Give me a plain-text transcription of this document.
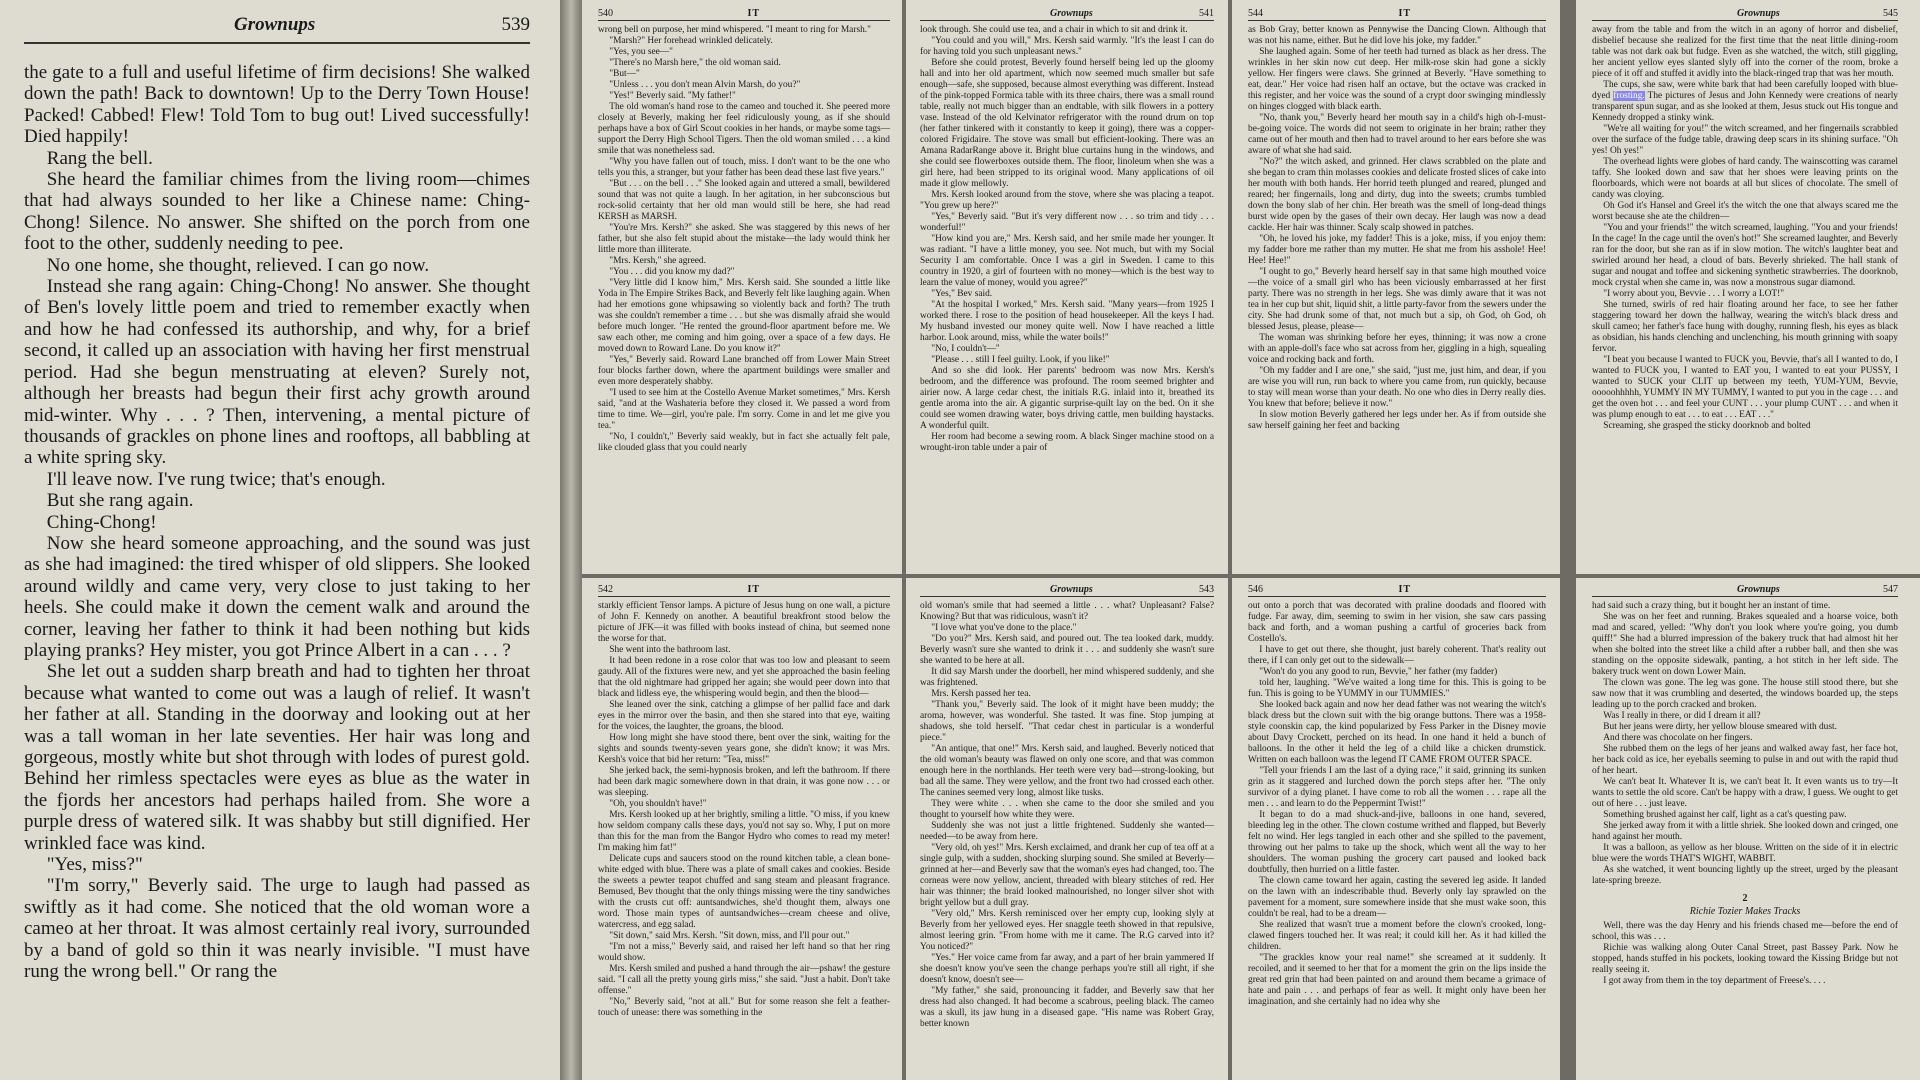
Grownups	539

the gate to a full and useful lifetime of firm decisions! She walked down the path! Back to downtown! Up to the Derry Town House! Packed! Cabbed! Flew! Told Tom to bug out! Lived successfully! Died happily!

Rang the bell.

She heard the familiar chimes from the living room—chimes that had always sounded to her like a Chinese name: Ching-Chong! Silence. No answer. She shifted on the porch from one foot to the other, suddenly needing to pee.

No one home, she thought, relieved. I can go now.

Instead she rang again: Ching-Chong! No answer. She thought of Ben's lovely little poem and tried to remember exactly when and how he had confessed its authorship, and why, for a brief second, it called up an association with having her first menstrual period. Had she begun menstruating at eleven? Surely not, although her breasts had begun their first achy growth around mid-winter. Why . . . ? Then, intervening, a mental picture of thousands of grackles on phone lines and rooftops, all babbling at a white spring sky.

I'll leave now. I've rung twice; that's enough.

But she rang again.

Ching-Chong!

Now she heard someone approaching, and the sound was just as she had imagined: the tired whisper of old slippers. She looked around wildly and came very, very close to just taking to her heels. She could make it down the cement walk and around the corner, leaving her father to think it had been nothing but kids playing pranks? Hey mister, you got Prince Albert in a can . . . ?

She let out a sudden sharp breath and had to tighten her throat because what wanted to come out was a laugh of relief. It wasn't her father at all. Standing in the doorway and looking out at her was a tall woman in her late seventies. Her hair was long and gorgeous, mostly white but shot through with lodes of purest gold. Behind her rimless spectacles were eyes as blue as the water in the fjords her ancestors had perhaps hailed from. She wore a purple dress of watered silk. It was shabby but still dignified. Her wrinkled face was kind.

"Yes, miss?"

"I'm sorry," Beverly said. The urge to laugh had passed as swiftly as it had come. She noticed that the old woman wore a cameo at her throat. It was almost certainly real ivory, surrounded by a band of gold so thin it was nearly invisible. "I must have rung the wrong bell." Or rang the

540	IT

wrong bell on purpose, her mind whispered. "I meant to ring for Marsh."

"Marsh?" Her forehead wrinkled delicately.

"Yes, you see—"

"There's no Marsh here," the old woman said.

"But—"

"Unless . . . you don't mean Alvin Marsh, do you?"

"Yes!" Beverly said. "My father!"

The old woman's hand rose to the cameo and touched it. She peered more closely at Beverly, making her feel ridiculously young, as if she should perhaps have a box of Girl Scout cookies in her hands, or maybe some tags—support the Derry High School Tigers. Then the old woman smiled . . . a kind smile that was nonetheless sad.

"Why you have fallen out of touch, miss. I don't want to be the one who tells you this, a stranger, but your father has been dead these last five years."

"But . . . on the bell . . ." She looked again and uttered a small, bewildered sound that was not quite a laugh. In her agitation, in her subconscious but rock-solid certainty that her old man would still be here, she had read KERSH as MARSH.

"You're Mrs. Kersh?" she asked. She was staggered by this news of her father, but she also felt stupid about the mistake—the lady would think her little more than illiterate.

"Mrs. Kersh," she agreed.

"You . . . did you know my dad?"

"Very little did I know him," Mrs. Kersh said. She sounded a little like Yoda in The Empire Strikes Back, and Beverly felt like laughing again. When had her emotions gone whipsawing so violently back and forth? The truth was she couldn't remember a time . . . but she was dismally afraid she would before much longer. "He rented the ground-floor apartment before me. We saw each other, me coming and him going, over a space of a few days. He moved down to Roward Lane. Do you know it?"

"Yes," Beverly said. Roward Lane branched off from Lower Main Street four blocks farther down, where the apartment buildings were smaller and even more desperately shabby.

"I used to see him at the Costello Avenue Market sometimes," Mrs. Kersh said, "and at the Washateria before they closed it. We passed a word from time to time. We—girl, you're pale. I'm sorry. Come in and let me give you tea."

"No, I couldn't," Beverly said weakly, but in fact she actually felt pale, like clouded glass that you could nearly

Grownups	541

look through. She could use tea, and a chair in which to sit and drink it.

"You could and you will," Mrs. Kersh said warmly. "It's the least I can do for having told you such unpleasant news."

Before she could protest, Beverly found herself being led up the gloomy hall and into her old apartment, which now seemed much smaller but safe enough—safe, she supposed, because almost everything was different. Instead of the pink-topped Formica table with its three chairs, there was a small round table, really not much bigger than an endtable, with silk flowers in a pottery vase. Instead of the old Kelvinator refrigerator with the round drum on top (her father tinkered with it constantly to keep it going), there was a copper-colored Frigidaire. The stove was small but efficient-looking. There was an Amana RadarRange above it. Bright blue curtains hung in the windows, and she could see flowerboxes outside them. The floor, linoleum when she was a girl here, had been stripped to its original wood. Many applications of oil made it glow mellowly.

Mrs. Kersh looked around from the stove, where she was placing a teapot. "You grew up here?"

"Yes," Beverly said. "But it's very different now . . . so trim and tidy . . . wonderful!"

"How kind you are," Mrs. Kersh said, and her smile made her younger. It was radiant. "I have a little money, you see. Not much, but with my Social Security I am comfortable. Once I was a girl in Sweden. I came to this country in 1920, a girl of fourteen with no money—which is the best way to learn the value of money, would you agree?"

"Yes," Bev said.

"At the hospital I worked," Mrs. Kersh said. "Many years—from 1925 I worked there. I rose to the position of head housekeeper. All the keys I had. My husband invested our money quite well. Now I have reached a little harbor. Look around, miss, while the water boils!"

"No, I couldn't—"

"Please . . . still I feel guilty. Look, if you like!"

And so she did look. Her parents' bedroom was now Mrs. Kersh's bedroom, and the difference was profound. The room seemed brighter and airier now. A large cedar chest, the initials R.G. inlaid into it, breathed its gentle aroma into the air. A gigantic surprise-quilt lay on the bed. On it she could see women drawing water, boys driving cattle, men building haystacks. A wonderful quilt.

Her room had become a sewing room. A black Singer machine stood on a wrought-iron table under a pair of

544	IT

as Bob Gray, better known as Pennywise the Dancing Clown. Although that was not his name, either. But he did love his joke, my fadder."

She laughed again. Some of her teeth had turned as black as her dress. The wrinkles in her skin now cut deep. Her milk-rose skin had gone a sickly yellow. Her fingers were claws. She grinned at Beverly. "Have something to eat, dear." Her voice had risen half an octave, but the octave was cracked in this register, and her voice was the sound of a crypt door swinging mindlessly on hinges clogged with black earth.

"No, thank you," Beverly heard her mouth say in a child's high oh-I-must-be-going voice. The words did not seem to originate in her brain; rather they came out of her mouth and then had to travel around to her ears before she was aware of what she had said.

"No?" the witch asked, and grinned. Her claws scrabbled on the plate and she began to cram thin molasses cookies and delicate frosted slices of cake into her mouth with both hands. Her horrid teeth plunged and reared, plunged and reared; her fingernails, long and dirty, dug into the sweets; crumbs tumbled down the bony slab of her chin. Her breath was the smell of long-dead things burst wide open by the gases of their own decay. Her laugh was now a dead cackle. Her hair was thinner. Scaly scalp showed in patches.

"Oh, he loved his joke, my fadder! This is a joke, miss, if you enjoy them: my fadder bore me rather than my mutter. He shat me from his asshole! Hee! Hee! Hee!"

"I ought to go," Beverly heard herself say in that same high mouthed voice—the voice of a small girl who has been viciously embarrassed at her first party. There was no strength in her legs. She was dimly aware that it was not tea in her cup but shit, liquid shit, a little party-favor from the sewers under the city. She had drunk some of that, not much but a sip, oh God, oh God, oh blessed Jesus, please, please—

The woman was shrinking before her eyes, thinning; it was now a crone with an apple-doll's face who sat across from her, giggling in a high, squealing voice and rocking back and forth.

"Oh my fadder and I are one," she said, "just me, just him, and dear, if you are wise you will run, run back to where you came from, run quickly, because to stay will mean worse than your death. No one who dies in Derry really dies. You knew that before; believe it now."

In slow motion Beverly gathered her legs under her. As if from outside she saw herself gaining her feet and backing

Grownups	545

away from the table and from the witch in an agony of horror and disbelief, disbelief because she realized for the first time that the neat little dining-room table was not dark oak but fudge. Even as she watched, the witch, still giggling, her ancient yellow eyes slanted slyly off into the corner of the room, broke a piece of it off and stuffed it avidly into the black-ringed trap that was her mouth.

The cups, she saw, were white bark that had been carefully looped with blue-dyed frosting. The pictures of Jesus and John Kennedy were creations of nearly transparent spun sugar, and as she looked at them, Jesus stuck out His tongue and Kennedy dropped a stinky wink.

"We're all waiting for you!" the witch screamed, and her fingernails scrabbled over the surface of the fudge table, drawing deep scars in its shining surface. "Oh yes! Oh yes!"

The overhead lights were globes of hard candy. The wainscotting was caramel taffy. She looked down and saw that her shoes were leaving prints on the floorboards, which were not boards at all but slices of chocolate. The smell of candy was cloying.

Oh God it's Hansel and Greel it's the witch the one that always scared me the worst because she ate the children—

"You and your friends!" the witch screamed, laughing. "You and your friends! In the cage! In the cage until the oven's hot!" She screamed laughter, and Beverly ran for the door, but she ran as if in slow motion. The witch's laughter beat and swirled around her head, a cloud of bats. Beverly shrieked. The hall stank of sugar and nougat and toffee and sickening synthetic strawberries. The doorknob, mock crystal when she came in, was now a monstrous sugar diamond.

"I worry about you, Bevvie . . . I worry a LOT!"

She turned, swirls of red hair floating around her face, to see her father staggering toward her down the hallway, wearing the witch's black dress and skull cameo; her father's face hung with doughy, running flesh, his eyes as black as obsidian, his hands clenching and unclenching, his mouth grinning with soapy fervor.

"I beat you because I wanted to FUCK you, Bevvie, that's all I wanted to do, I wanted to FUCK you, I wanted to EAT you, I wanted to eat your PUSSY, I wanted to SUCK your CLIT up between my teeth, YUM-YUM, Bevvie, ooooohhhhh, YUMMY IN MY TUMMY, I wanted to put you in the cage . . . and get the oven hot . . . and feel your CUNT . . . your plump CUNT . . . and when it was plump enough to eat . . . to eat . . . EAT . . ."

Screaming, she grasped the sticky doorknob and bolted

542	IT

starkly efficient Tensor lamps. A picture of Jesus hung on one wall, a picture of John F. Kennedy on another. A beautiful breakfront stood below the picture of JFK—it was filled with books instead of china, but seemed none the worse for that.

She went into the bathroom last.

It had been redone in a rose color that was too low and pleasant to seem gaudy. All of the fixtures were new, and yet she approached the basin feeling that the old nightmare had gripped her again; she would peer down into that black and lidless eye, the whispering would begin, and then the blood—

She leaned over the sink, catching a glimpse of her pallid face and dark eyes in the mirror over the basin, and then she stared into that eye, waiting for the voices, the laughter, the groans, the blood.

How long might she have stood there, bent over the sink, waiting for the sights and sounds twenty-seven years gone, she didn't know; it was Mrs. Kersh's voice that bid her return: "Tea, miss!"

She jerked back, the semi-hypnosis broken, and left the bathroom. If there had been dark magic somewhere down in that drain, it was gone now . . . or was sleeping.

"Oh, you shouldn't have!"

Mrs. Kersh looked up at her brightly, smiling a little. "O miss, if you knew how seldom company calls these days, you'd not say so. Why, I put on more than this for the man from the Bangor Hydro who comes to read my meter! I'm making him fat!"

Delicate cups and saucers stood on the round kitchen table, a clean bone-white edged with blue. There was a plate of small cakes and cookies. Beside the sweets a pewter teapot chuffed and sang steam and pleasant fragrance. Bemused, Bev thought that the only things missing were the tiny sandwiches with the crusts cut off: auntsandwiches, she'd thought them, always one word. Those main types of auntsandwiches—cream cheese and olive, watercress, and egg salad.

"Sit down," said Mrs. Kersh. "Sit down, miss, and I'll pour out."

"I'm not a miss," Beverly said, and raised her left hand so that her ring would show.

Mrs. Kersh smiled and pushed a hand through the air—pshaw! the gesture said. "I call all the pretty young girls miss," she said. "Just a habit. Don't take offense."

"No," Beverly said, "not at all." But for some reason she felt a feather-touch of unease: there was something in the

Grownups	543

old woman's smile that had seemed a little . . . what? Unpleasant? False? Knowing? But that was ridiculous, wasn't it?

"I love what you've done to the place."

"Do you?" Mrs. Kersh said, and poured out. The tea looked dark, muddy. Beverly wasn't sure she wanted to drink it . . . and suddenly she wasn't sure she wanted to be here at all.

It did say Marsh under the doorbell, her mind whispered suddenly, and she was frightened.

Mrs. Kersh passed her tea.

"Thank you," Beverly said. The look of it might have been muddy; the aroma, however, was wonderful. She tasted. It was fine. Stop jumping at shadows, she told herself. "That cedar chest in particular is a wonderful piece."

"An antique, that one!" Mrs. Kersh said, and laughed. Beverly noticed that the old woman's beauty was flawed on only one score, and that was common enough here in the northlands. Her teeth were very bad—strong-looking, but bad all the same. They were yellow, and the front two had crossed each other. The canines seemed very long, almost like tusks.

They were white . . . when she came to the door she smiled and you thought to yourself how white they were.

Suddenly she was not just a little frightened. Suddenly she wanted—needed—to be away from here.

"Very old, oh yes!" Mrs. Kersh exclaimed, and drank her cup of tea off at a single gulp, with a sudden, shocking slurping sound. She smiled at Beverly—grinned at her—and Beverly saw that the woman's eyes had changed, too. The corneas were now yellow, ancient, threaded with bleary stitches of red. Her hair was thinner; the braid looked malnourished, no longer silver shot with bright yellow but a dull gray.

"Very old," Mrs. Kersh reminisced over her empty cup, looking slyly at Beverly from her yellowed eyes. Her snaggle teeth showed in that repulsive, almost leering grin. "From home with me it came. The R.G carved into it? You noticed?"

"Yes." Her voice came from far away, and a part of her brain yammered If she doesn't know you've seen the change perhaps you're still all right, if she doesn't know, doesn't see—

"My father," she said, pronouncing it fadder, and Beverly saw that her dress had also changed. It had become a scabrous, peeling black. The cameo was a skull, its jaw hung in a diseased gape. "His name was Robert Gray, better known

546	IT

out onto a porch that was decorated with praline doodads and floored with fudge. Far away, dim, seeming to swim in her vision, she saw cars passing back and forth, and a woman pushing a cartful of groceries back from Costello's.

I have to get out there, she thought, just barely coherent. That's reality out there, if I can only get out to the sidewalk—

"Won't do you any good to run, Bevvie," her father (my fadder)

told her, laughing. "We've waited a long time for this. This is going to be fun. This is going to be YUMMY in our TUMMIES."

She looked back again and now her dead father was not wearing the witch's black dress but the clown suit with the big orange buttons. There was a 1958-style coonskin cap, the kind popularized by Fess Parker in the Disney movie about Davy Crockett, perched on its head. In one hand it held a bunch of balloons. In the other it held the leg of a child like a chicken drumstick. Written on each balloon was the legend IT CAME FROM OUTER SPACE.

"Tell your friends I am the last of a dying race," it said, grinning its sunken grin as it staggered and lurched down the porch steps after her. "The only survivor of a dying planet. I have come to rob all the women . . . rape all the men . . . and learn to do the Peppermint Twist!"

It began to do a mad shuck-and-jive, balloons in one hand, severed, bleeding leg in the other. The clown costume writhed and flapped, but Beverly felt no wind. Her legs tangled in each other and she spilled to the pavement, throwing out her palms to take up the shock, which went all the way to her shoulders. The woman pushing the grocery cart paused and looked back doubtfully, then hurried on a little faster.

The clown came toward her again, casting the severed leg aside. It landed on the lawn with an indescribable thud. Beverly only lay sprawled on the pavement for a moment, sure somewhere inside that she must wake soon, this couldn't be real, had to be a dream—

She realized that wasn't true a moment before the clown's crooked, long-clawed fingers touched her. It was real; it could kill her. As it had killed the children.

"The grackles know your real name!" she screamed at it suddenly. It recoiled, and it seemed to her that for a moment the grin on the lips inside the great red grin that had been painted on and around them became a grimace of hate and pain . . . and perhaps of fear as well. It might only have been her imagination, and she certainly had no idea why she

Grownups	547

had said such a crazy thing, but it bought her an instant of time.

She was on her feet and running. Brakes squealed and a hoarse voice, both mad and scared, yelled: "Why don't you look where you're going, you dumb quiff!" She had a blurred impression of the bakery truck that had almost hit her when she bolted into the street like a child after a rubber ball, and then she was standing on the opposite sidewalk, panting, a hot stitch in her left side. The bakery truck went on down Lower Main.

The clown was gone. The leg was gone. The house still stood there, but she saw now that it was crumbling and deserted, the windows boarded up, the steps leading up to the porch cracked and broken.

Was I really in there, or did I dream it all?

But her jeans were dirty, her yellow blouse smeared with dust.

And there was chocolate on her fingers.

She rubbed them on the legs of her jeans and walked away fast, her face hot, her back cold as ice, her eyeballs seeming to pulse in and out with the rapid thud of her heart.

We can't beat It. Whatever It is, we can't beat It. It even wants us to try—It wants to settle the old score. Can't be happy with a draw, I guess. We ought to get out of here . . . just leave.

Something brushed against her calf, light as a cat's questing paw.

She jerked away from it with a little shriek. She looked down and cringed, one hand against her mouth.

It was a balloon, as yellow as her blouse. Written on the side of it in electric blue were the words THAT'S WIGHT, WABBIT.

As she watched, it went bouncing lightly up the street, urged by the pleasant late-spring breeze.

2
Richie Tozier Makes Tracks

Well, there was the day Henry and his friends chased me—before the end of school, this was . . .

Richie was walking along Outer Canal Street, past Bassey Park. Now he stopped, hands stuffed in his pockets, looking toward the Kissing Bridge but not really seeing it.

I got away from them in the toy department of Freese's. . . .
